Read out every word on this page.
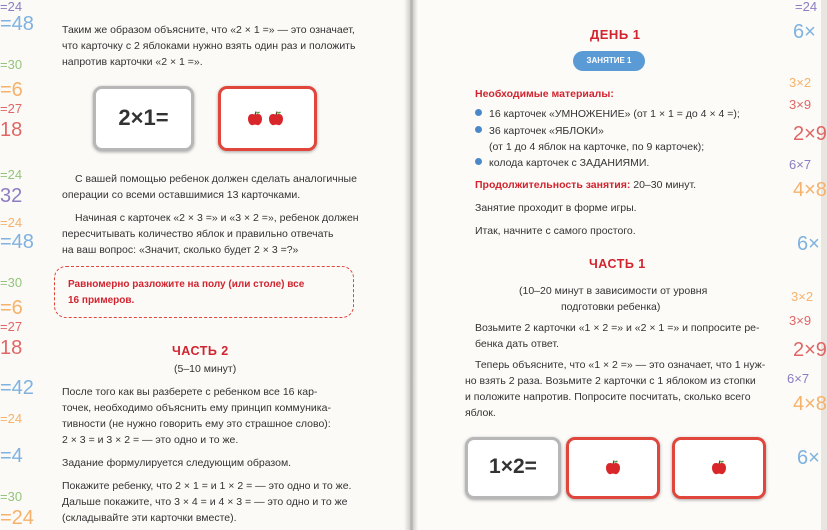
=24
=48
=30
=6
=27
18
=24
32
=24
=48
=30
=6
=27
18
=42
=24
=4
=30
=24
Таким же образом объясните, что «2 × 1 =» — это означает,
что карточку с 2 яблоками нужно взять один раз и положить
напротив карточки «2 × 1 =».
2×1=
С вашей помощью ребенок должен сделать аналогичные
операции со всеми оставшимися 13 карточками.
Начиная с карточек «2 × 3 =» и «3 × 2 =», ребенок должен
пересчитывать количество яблок и правильно отвечать
на ваш вопрос: «Значит, сколько будет 2 × 3 =?»
Равномерно разложите на полу (или столе) все
16 примеров.
ЧАСТЬ 2
(5–10 минут)
После того как вы разберете с ребенком все 16 кар-
точек, необходимо объяснить ему принцип коммуника-
тивности (не нужно говорить ему это страшное слово):
2 × 3 = и 3 × 2 = — это одно и то же.
Задание формулируется следующим образом.
Покажите ребенку, что 2 × 1 = и 1 × 2 = — это одно и то же.
Дальше покажите, что 3 × 4 = и 4 × 3 = — это одно и то же
(складывайте эти карточки вместе).
=24
6×
3×2
3×9
2×9
6×7
4×8
6×
3×2
3×9
2×9
6×7
4×8
6×
ДЕНЬ 1
ЗАНЯТИЕ 1
Необходимые материалы:
16 карточек «УМНОЖЕНИЕ» (от 1 × 1 = до 4 × 4 =);
36 карточек «ЯБЛОКИ»
(от 1 до 4 яблок на карточке, по 9 карточек);
колода карточек с ЗАДАНИЯМИ.
Продолжительность занятия: 20–30 минут.
Занятие проходит в форме игры.
Итак, начните с самого простого.
ЧАСТЬ 1
(10–20 минут в зависимости от уровня
подготовки ребенка)
Возьмите 2 карточки «1 × 2 =» и «2 × 1 =» и попросите ре-
бенка дать ответ.
Теперь объясните, что «1 × 2 =» — это означает, что 1 нуж-
но взять 2 раза. Возьмите 2 карточки с 1 яблоком из стопки
и положите напротив. Попросите посчитать, сколько всего
яблок.
1×2=
